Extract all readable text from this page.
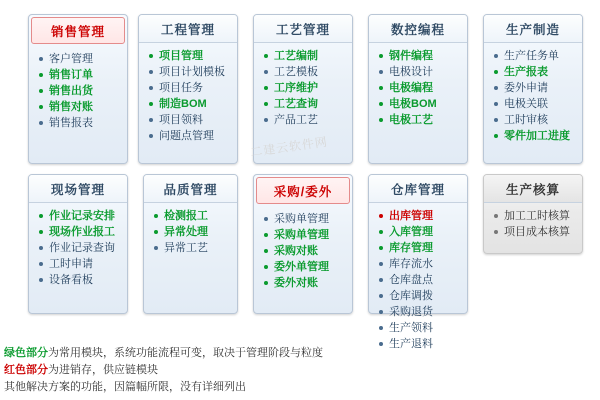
销售管理
客户管理
销售订单
销售出货
销售对账
销售报表
工程管理
项目管理
项目计划模板
项目任务
制造BOM
项目领料
问题点管理
工艺管理
工艺编制
工艺模板
工序维护
工艺查询
产品工艺
数控编程
钢件编程
电极设计
电极编程
电极BOM
电极工艺
生产制造
生产任务单
生产报表
委外申请
电极关联
工时审核
零件加工进度
现场管理
作业记录安排
现场作业报工
作业记录查询
工时申请
设备看板
品质管理
检测报工
异常处理
异常工艺
采购/委外
采购单管理
采购单管理
采购对账
委外单管理
委外对账
仓库管理
出库管理
入库管理
库存管理
库存流水
仓库盘点
仓库调拨
采购退货
生产领料
生产退料
生产核算
加工工时核算
项目成本核算
二建云软件网
绿色部分为常用模块，系统功能流程可变，取决于管理阶段与粒度
红色部分为进销存，供应链模块
其他解决方案的功能，因篇幅所限，没有详细列出
